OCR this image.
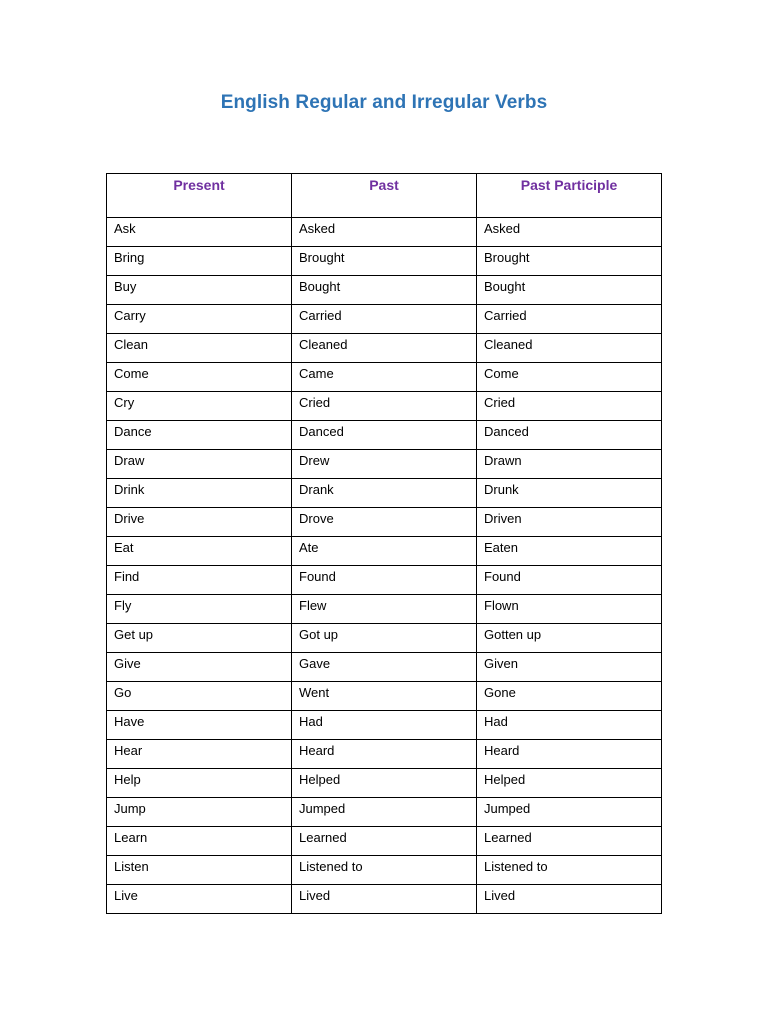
English Regular and Irregular Verbs
Present	Past	Past Participle
Ask	Asked	Asked
Bring	Brought	Brought
Buy	Bought	Bought
Carry	Carried	Carried
Clean	Cleaned	Cleaned
Come	Came	Come
Cry	Cried	Cried
Dance	Danced	Danced
Draw	Drew	Drawn
Drink	Drank	Drunk
Drive	Drove	Driven
Eat	Ate	Eaten
Find	Found	Found
Fly	Flew	Flown
Get up	Got up	Gotten up
Give	Gave	Given
Go	Went	Gone
Have	Had	Had
Hear	Heard	Heard
Help	Helped	Helped
Jump	Jumped	Jumped
Learn	Learned	Learned
Listen	Listened to	Listened to
Live	Lived	Lived
